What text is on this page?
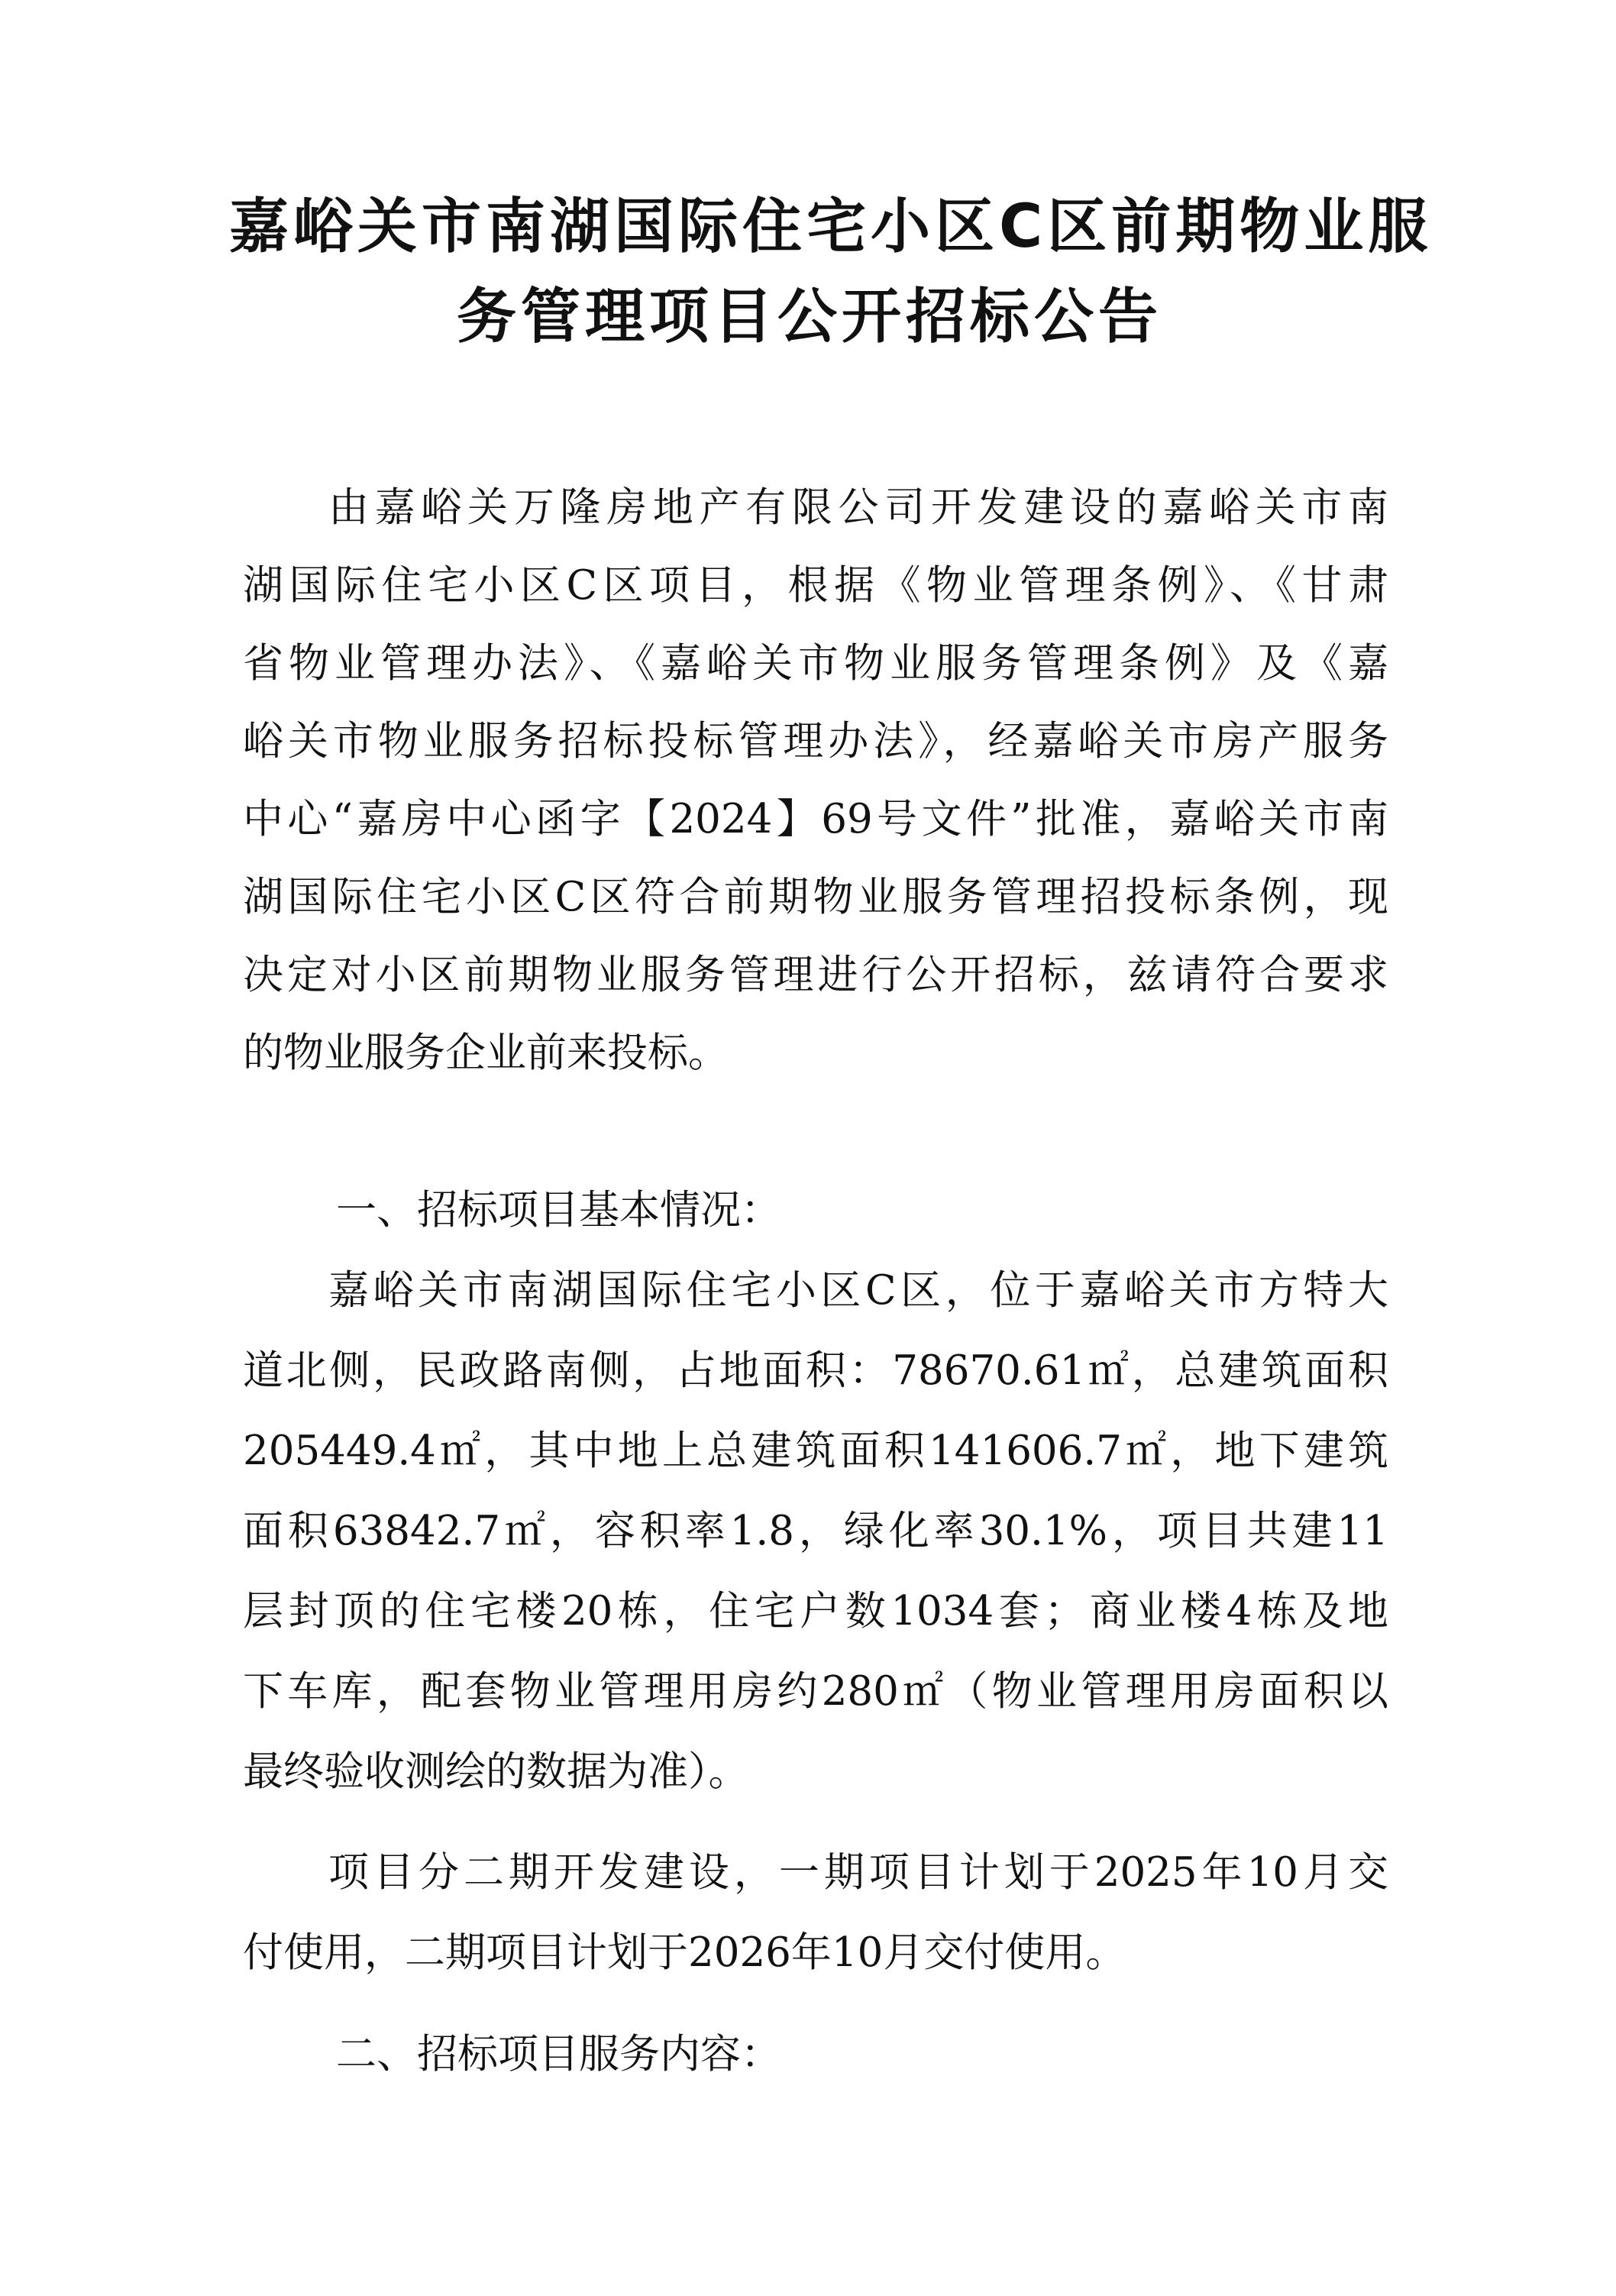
嘉峪关市南湖国际住宅小区C区前期物业服
务管理项目公开招标公告
由嘉峪关万隆房地产有限公司开发建设的嘉峪关市南
湖国际住宅小区C区项目，根据《物业管理条例》、《甘肃
省物业管理办法》、《嘉峪关市物业服务管理条例》及《嘉
峪关市物业服务招标投标管理办法》，经嘉峪关市房产服务
中心“嘉房中心函字【2024】69号文件”批准，嘉峪关市南
湖国际住宅小区C区符合前期物业服务管理招投标条例，现
决定对小区前期物业服务管理进行公开招标，兹请符合要求
的物业服务企业前来投标。
一、招标项目基本情况：
嘉峪关市南湖国际住宅小区C区，位于嘉峪关市方特大
道北侧，民政路南侧，占地面积：78670.61㎡，总建筑面积
205449.4㎡，其中地上总建筑面积141606.7㎡，地下建筑
面积63842.7㎡，容积率1.8，绿化率30.1%，项目共建11
层封顶的住宅楼20栋，住宅户数1034套；商业楼4栋及地
下车库，配套物业管理用房约280㎡（物业管理用房面积以
最终验收测绘的数据为准）。
项目分二期开发建设，一期项目计划于2025年10月交
付使用，二期项目计划于2026年10月交付使用。
二、招标项目服务内容：
